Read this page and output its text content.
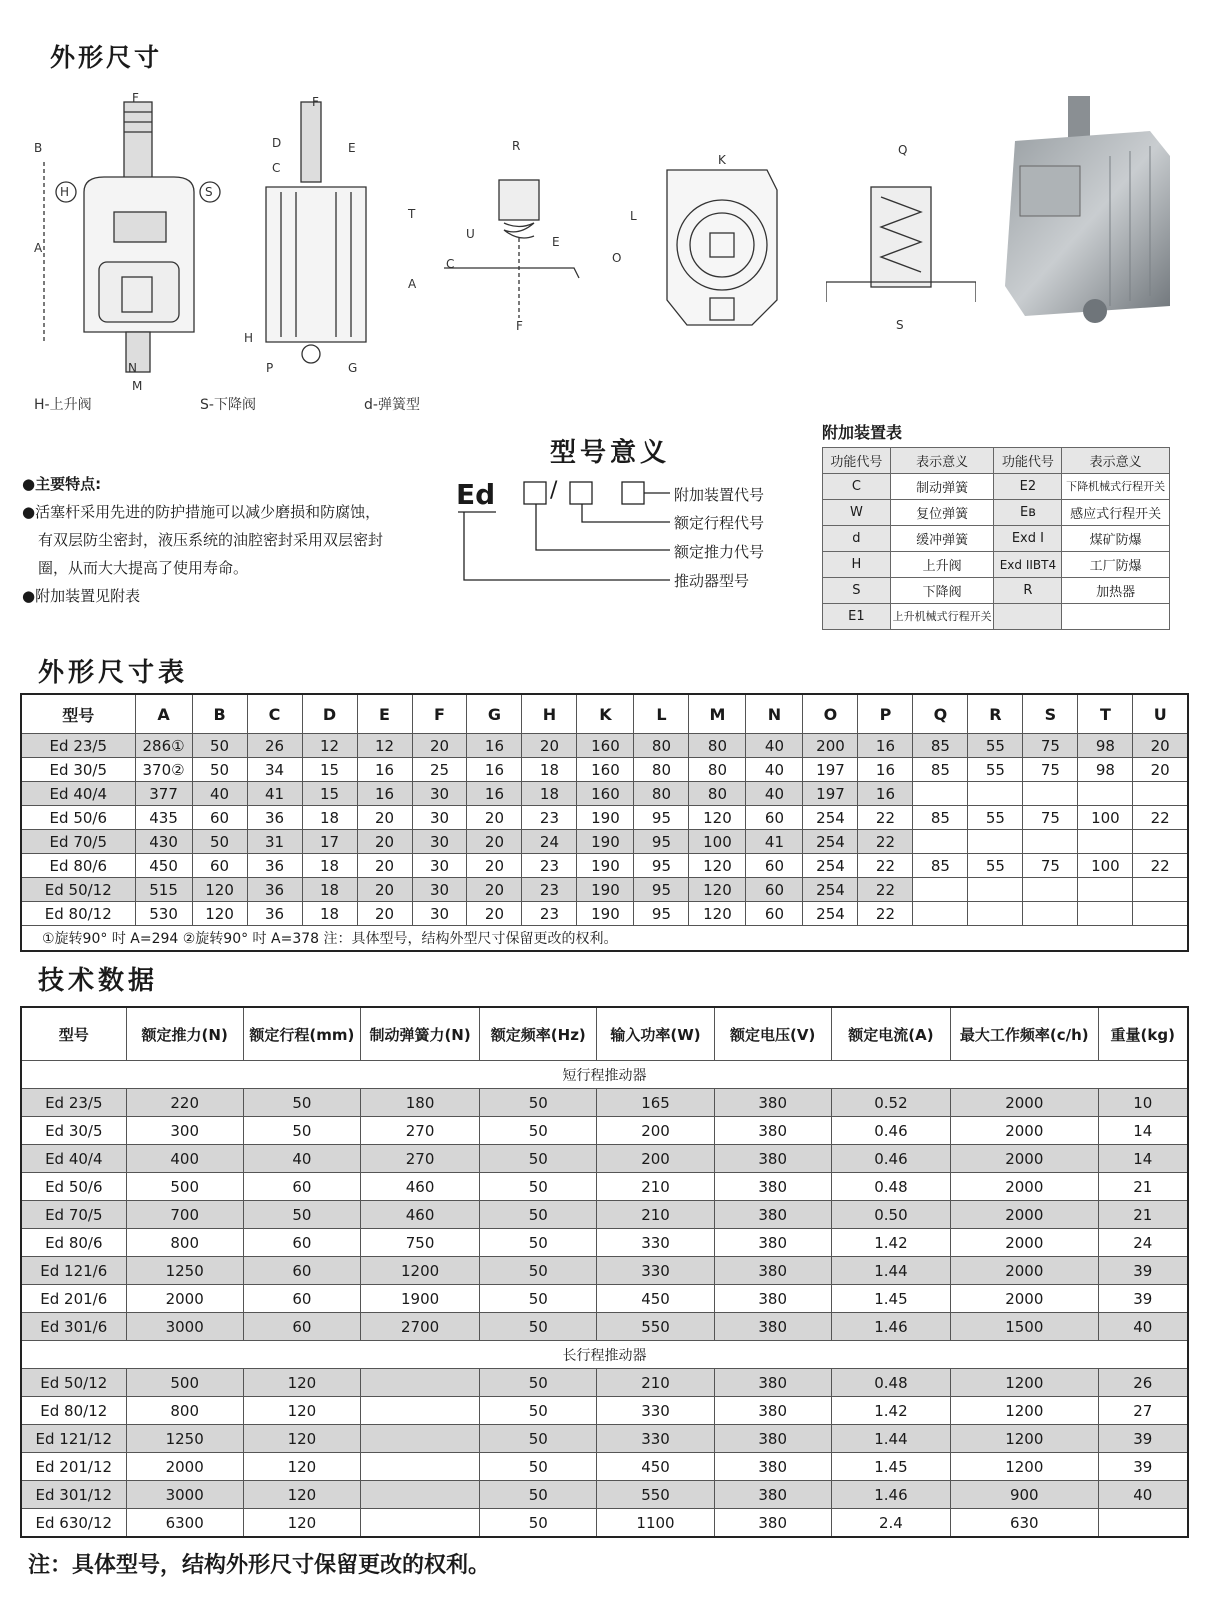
外形尺寸
H	S
A
B
F
N
M
F
D
C
E
H
P	G
R
T
U
C
A
E
F
K
L
O
Q
S
H-上升阀	S-下降阀	d-弹簧型
●主要特点:
●活塞杆采用先进的防护措施可以减少磨损和防腐蚀，
有双层防尘密封，液压系统的油腔密封采用双层密封
圈，从而大大提高了使用寿命。
●附加装置见附表
型号意义
Ed /	附加装置代号
额定行程代号
额定推力代号
推动器型号
附加装置表
功能代号	表示意义	功能代号	表示意义
C	制动弹簧	E2	下降机械式行程开关
W	复位弹簧	Eʙ	感应式行程开关
d	缓冲弹簧	Exd I	煤矿防爆
H	上升阀	Exd IIBT4	工厂防爆
S	下降阀	R	加热器
E1	上升机械式行程开关		
外形尺寸表
型号	A	B	C	D	E	F	G	H	K	L	M	N	O	P	Q	R	S	T	U
Ed 23/5	286①	50	26	12	12	20	16	20	160	80	80	40	200	16	85	55	75	98	20
Ed 30/5	370②	50	34	15	16	25	16	18	160	80	80	40	197	16	85	55	75	98	20
Ed 40/4	377	40	41	15	16	30	16	18	160	80	80	40	197	16					
Ed 50/6	435	60	36	18	20	30	20	23	190	95	120	60	254	22	85	55	75	100	22
Ed 70/5	430	50	31	17	20	30	20	24	190	95	100	41	254	22					
Ed 80/6	450	60	36	18	20	30	20	23	190	95	120	60	254	22	85	55	75	100	22
Ed 50/12	515	120	36	18	20	30	20	23	190	95	120	60	254	22					
Ed 80/12	530	120	36	18	20	30	20	23	190	95	120	60	254	22					
①旋转90° 吋 A=294 ②旋转90° 吋 A=378 注：具体型号，结构外型尺寸保留更改的权利。																			
技术数据
型号	额定推力(N)	额定行程(mm)	制动弹簧力(N)	额定频率(Hz)	输入功率(W)	额定电压(V)	额定电流(A)	最大工作频率(c/h)	重量(kg)
短行程推动器									
Ed 23/5	220	50	180	50	165	380	0.52	2000	10
Ed 30/5	300	50	270	50	200	380	0.46	2000	14
Ed 40/4	400	40	270	50	200	380	0.46	2000	14
Ed 50/6	500	60	460	50	210	380	0.48	2000	21
Ed 70/5	700	50	460	50	210	380	0.50	2000	21
Ed 80/6	800	60	750	50	330	380	1.42	2000	24
Ed 121/6	1250	60	1200	50	330	380	1.44	2000	39
Ed 201/6	2000	60	1900	50	450	380	1.45	2000	39
Ed 301/6	3000	60	2700	50	550	380	1.46	1500	40
长行程推动器									
Ed 50/12	500	120		50	210	380	0.48	1200	26
Ed 80/12	800	120		50	330	380	1.42	1200	27
Ed 121/12	1250	120		50	330	380	1.44	1200	39
Ed 201/12	2000	120		50	450	380	1.45	1200	39
Ed 301/12	3000	120		50	550	380	1.46	900	40
Ed 630/12	6300	120		50	1100	380	2.4	630	
注：具体型号，结构外形尺寸保留更改的权利。
